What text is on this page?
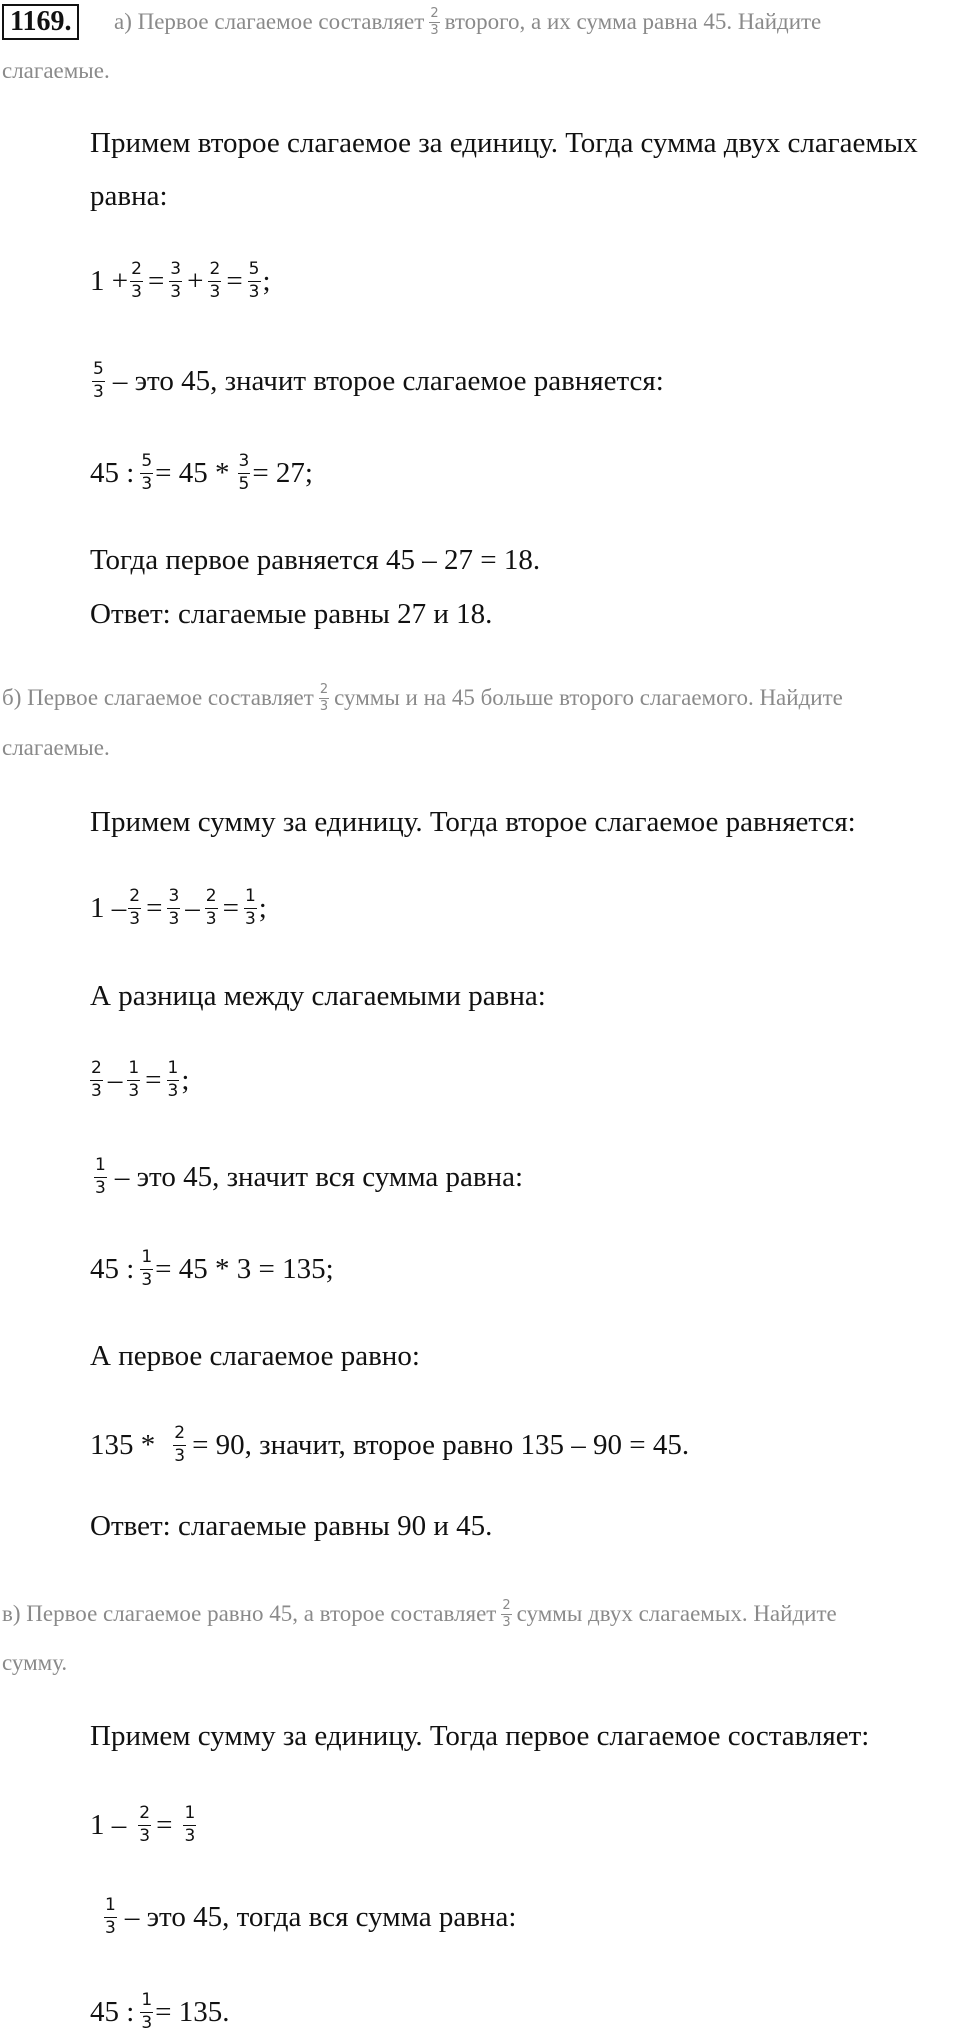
1169.	а) Первое слагаемое составляет $\frac{2}{3}$ второго, а их сумма равна 45. Найдите
слагаемые.
Примем второе слагаемое за единицу. Тогда сумма двух слагаемых
равна:
$1 + \frac{2}{3} = \frac{3}{3} + \frac{2}{3} = \frac{5}{3}$ ;
$\frac{5}{3}$ – это 45, значит второе слагаемое равняется:
45 : $\frac{5}{3} = 45 * \frac{3}{5} = 27$;
Тогда первое равняется 45 – 27 = 18.
Ответ: слагаемые равны 27 и 18.
б) Первое слагаемое составляет $\frac{2}{3}$ суммы и на 45 больше второго слагаемого. Найдите
слагаемые.
Примем сумму за единицу. Тогда второе слагаемое равняется:
$1 - \frac{2}{3} = \frac{3}{3} - \frac{2}{3} = \frac{1}{3}$ ;
А разница между слагаемыми равна:
$\frac{2}{3} - \frac{1}{3} = \frac{1}{3}$ ;
$\frac{1}{3}$ – это 45, значит вся сумма равна:
45 : $\frac{1}{3} = 45 * 3 = 135$;
А первое слагаемое равно:
$135 * \frac{2}{3} = 90$, значит, второе равно 135 – 90 = 45.
Ответ: слагаемые равны 90 и 45.
в) Первое слагаемое равно 45, а второе составляет $\frac{2}{3}$ суммы двух слагаемых. Найдите
сумму.
Примем сумму за единицу. Тогда первое слагаемое составляет:
$1 - \frac{2}{3} = \frac{1}{3}$
$\frac{1}{3}$ – это 45, тогда вся сумма равна:
45 : $\frac{1}{3} = 135$.
